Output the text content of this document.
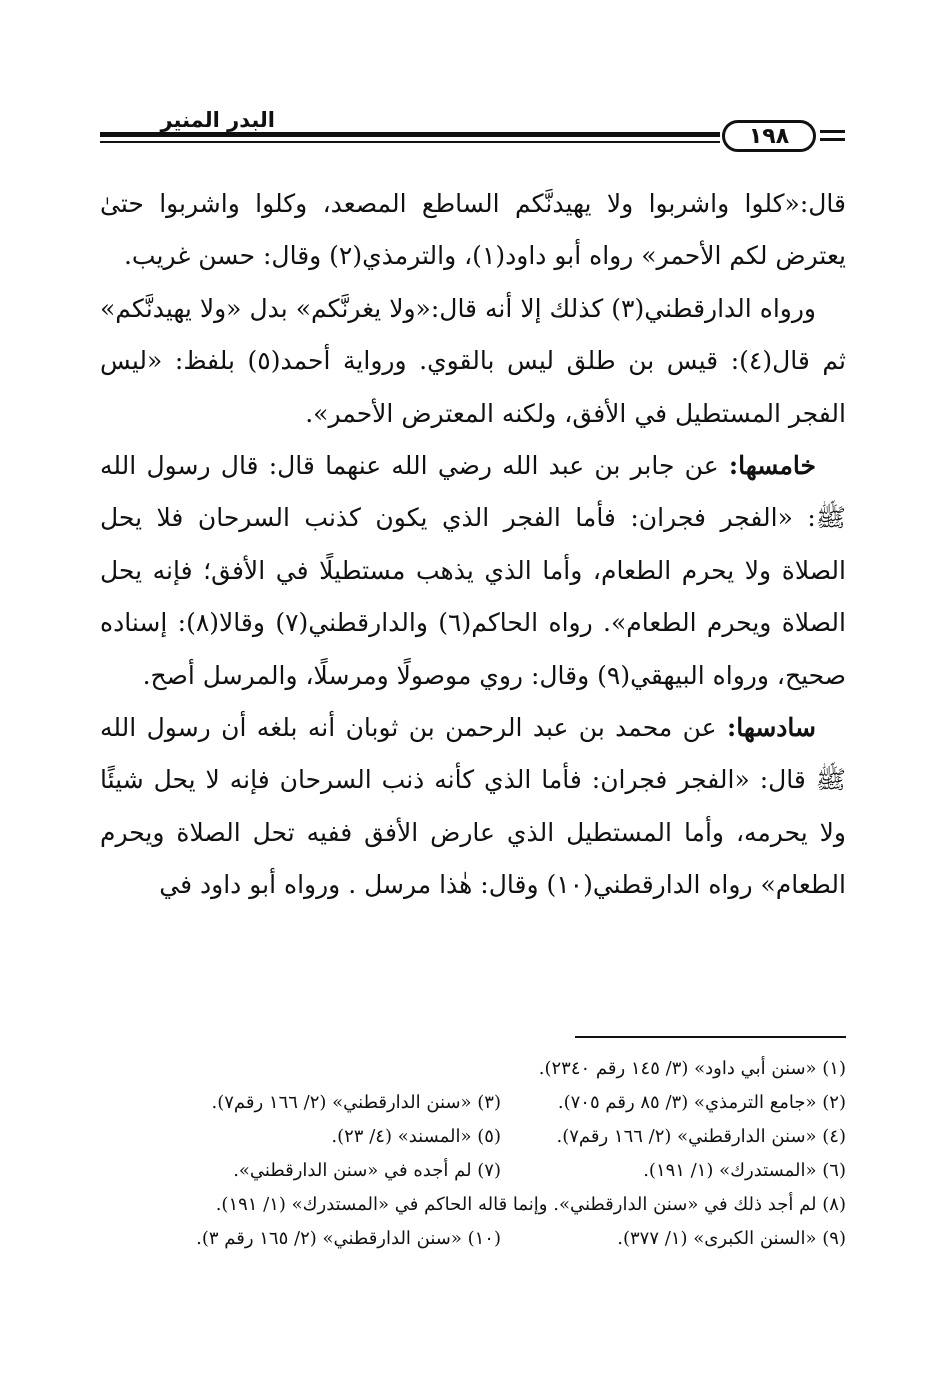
البدر المنير
١٩٨

قال:«كلوا واشربوا ولا يهيدنَّكم الساطع المصعد، وكلوا واشربوا حتىٰ يعترض لكم الأحمر» رواه أبو داود(١)، والترمذي(٢) وقال: حسن غريب.

ورواه الدارقطني(٣) كذلك إلا أنه قال:«ولا يغرنَّكم» بدل «ولا يهيدنَّكم» ثم قال(٤): قيس بن طلق ليس بالقوي. ورواية أحمد(٥) بلفظ: «ليس الفجر المستطيل في الأفق، ولكنه المعترض الأحمر».

خامسها: عن جابر بن عبد الله رضي الله عنهما قال: قال رسول الله ﷺ: «الفجر فجران: فأما الفجر الذي يكون كذنب السرحان فلا يحل الصلاة ولا يحرم الطعام، وأما الذي يذهب مستطيلًا في الأفق؛ فإنه يحل الصلاة ويحرم الطعام». رواه الحاكم(٦) والدارقطني(٧) وقالا(٨): إسناده صحيح، ورواه البيهقي(٩) وقال: روي موصولًا ومرسلًا، والمرسل أصح.

سادسها: عن محمد بن عبد الرحمن بن ثوبان أنه بلغه أن رسول الله ﷺ قال: «الفجر فجران: فأما الذي كأنه ذنب السرحان فإنه لا يحل شيئًا ولا يحرمه، وأما المستطيل الذي عارض الأفق ففيه تحل الصلاة ويحرم الطعام» رواه الدارقطني(١٠) وقال: هٰذا مرسل . ورواه أبو داود في

(١) «سنن أبي داود» (٣/ ١٤٥ رقم ٢٣٤٠).
(٢) «جامع الترمذي» (٣/ ٨٥ رقم ٧٠٥).
(٣) «سنن الدارقطني» (٢/ ١٦٦ رقم٧).
(٤) «سنن الدارقطني» (٢/ ١٦٦ رقم٧).
(٥) «المسند» (٤/ ٢٣).
(٦) «المستدرك» (١/ ١٩١).
(٧) لم أجده في «سنن الدارقطني».
(٨) لم أجد ذلك في «سنن الدارقطني». وإنما قاله الحاكم في «المستدرك» (١/ ١٩١).
(٩) «السنن الكبرى» (١/ ٣٧٧).
(١٠) «سنن الدارقطني» (٢/ ١٦٥ رقم ٣).
